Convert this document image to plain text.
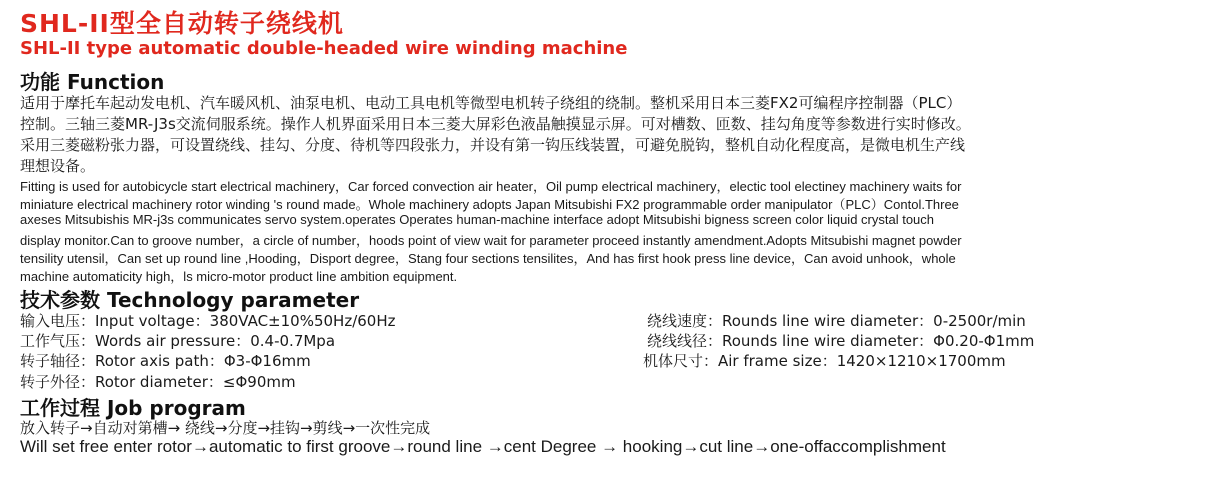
SHL-II型全自动转子绕线机
SHL-II type automatic double-headed wire winding machine
功能 Function
适用于摩托车起动发电机、汽车暖风机、油泵电机、电动工具电机等微型电机转子绕组的绕制。整机采用日本三菱FX2可编程序控制器（PLC）
控制。三轴三菱MR-J3s交流伺服系统。操作人机界面采用日本三菱大屏彩色液晶触摸显示屏。可对槽数、匝数、挂勾角度等参数进行实时修改。
采用三菱磁粉张力器，可设置绕线、挂勾、分度、待机等四段张力，并设有第一钩压线装置，可避免脱钩，整机自动化程度高，是微电机生产线
理想设备。
Fitting is used for autobicycle start electrical machinery，Car forced convection air heater，Oil pump electrical machinery，electic tool electiney machinery waits for
miniature electrical machinery rotor winding 's round made。Whole machinery adopts Japan Mitsubishi FX2 programmable order manipulator（PLC）Contol.Three
axeses Mitsubishis MR-j3s communicates servo system.operates Operates human-machine interface adopt Mitsubishi bigness screen color liquid crystal touch
display monitor.Can to groove number，a circle of number，hoods point of view wait for parameter proceed instantly amendment.Adopts Mitsubishi magnet powder
tensility utensil，Can set up round line ,Hooding，Disport degree，Stang four sections tensilites，And has first hook press line device，Can avoid unhook，whole
machine automaticity high，ls micro-motor product line ambition equipment.
技术参数 Technology parameter
输入电压：Input voltage：380VAC±10%50Hz/60Hz
工作气压：Words air pressure：0.4-0.7Mpa
转子轴径：Rotor axis path：Φ3-Φ16mm
转子外径：Rotor diameter：≤Φ90mm
绕线速度：Rounds line wire diameter：0-2500r/min
绕线线径：Rounds line wire diameter：Φ0.20-Φ1mm
机体尺寸：Air frame size：1420×1210×1700mm
工作过程 Job program
放入转子→自动对第槽→ 绕线→分度→挂钩→剪线→一次性完成
Will set free enter rotor→automatic to first groove→round line →cent Degree → hooking→cut line→one-offaccomplishment
